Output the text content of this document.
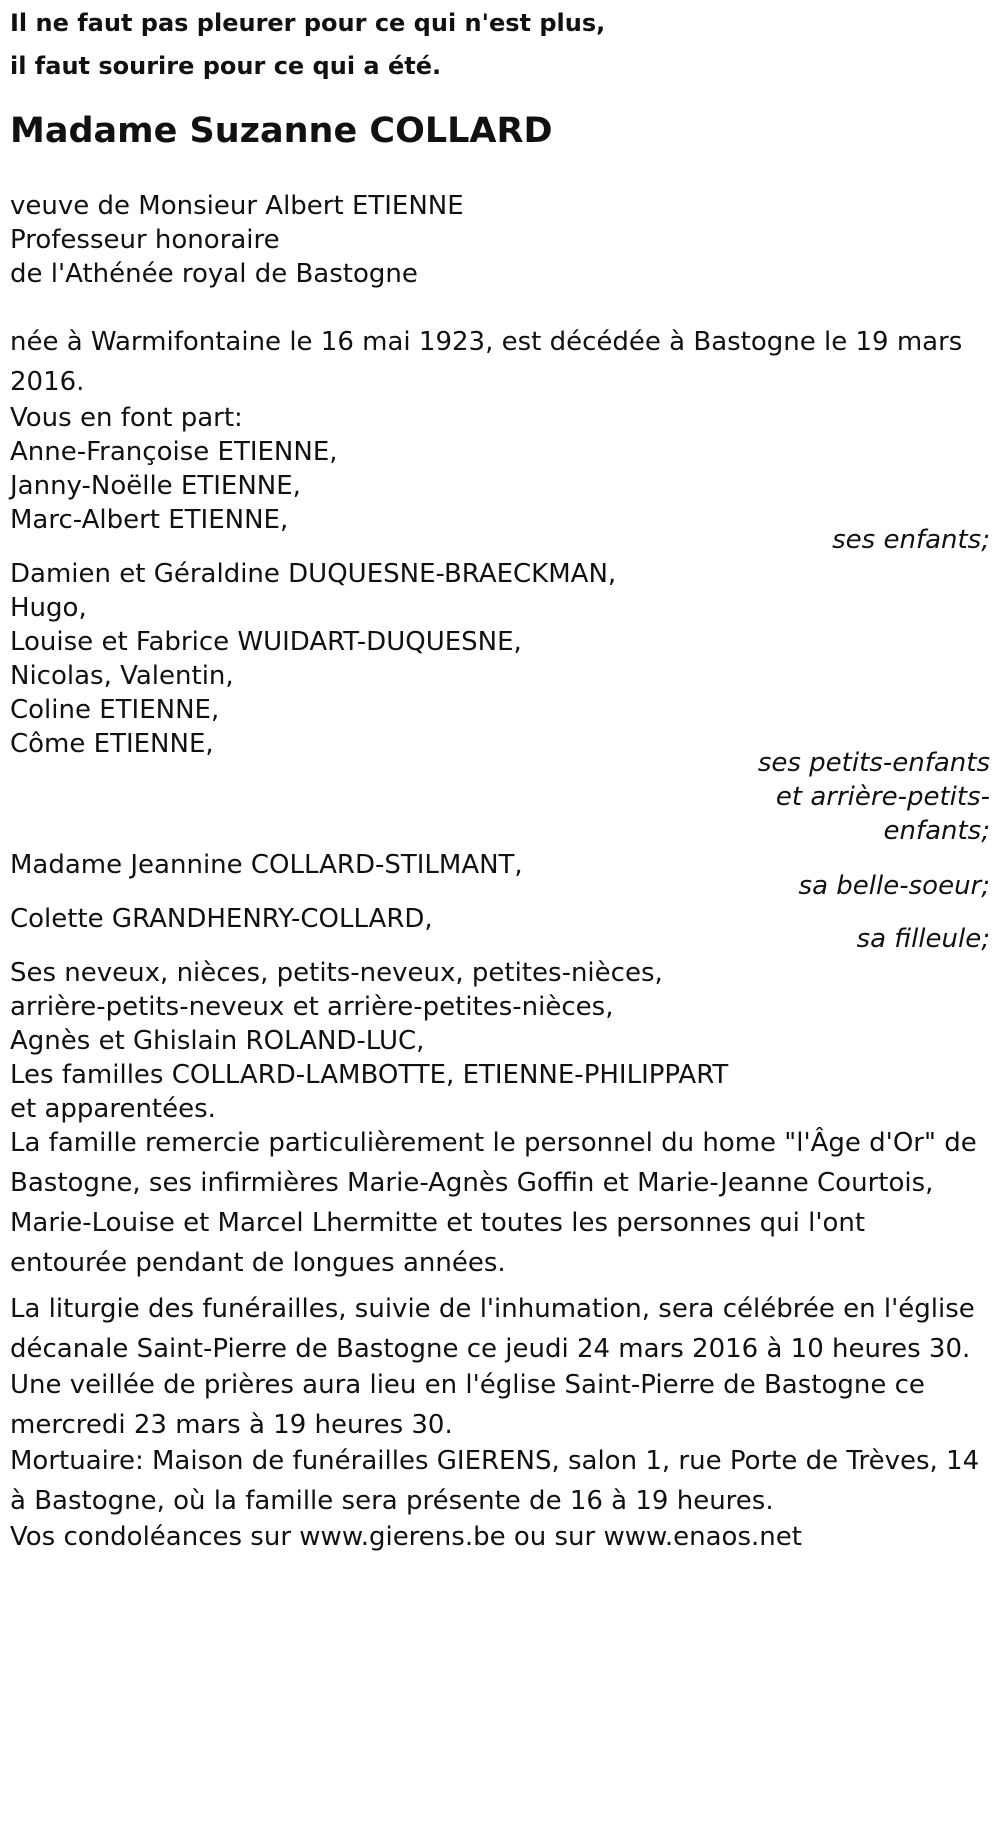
Il ne faut pas pleurer pour ce qui n'est plus,

il faut sourire pour ce qui a été.

Madame Suzanne COLLARD

veuve de Monsieur Albert ETIENNE

Professeur honoraire

de l'Athénée royal de Bastogne

née à Warmifontaine le 16 mai 1923, est décédée à Bastogne le 19 mars 2016.

Vous en font part:

Anne-Françoise ETIENNE,

Janny-Noëlle ETIENNE,

Marc-Albert ETIENNE,

ses enfants;

Damien et Géraldine DUQUESNE-BRAECKMAN,

Hugo,

Louise et Fabrice WUIDART-DUQUESNE,

Nicolas, Valentin,

Coline ETIENNE,

Côme ETIENNE,

ses petits-enfants

et arrière-petits-

enfants;

Madame Jeannine COLLARD-STILMANT,

sa belle-soeur;

Colette GRANDHENRY-COLLARD,

sa filleule;

Ses neveux, nièces, petits-neveux, petites-nièces,

arrière-petits-neveux et arrière-petites-nièces,

Agnès et Ghislain ROLAND-LUC,

Les familles COLLARD-LAMBOTTE, ETIENNE-PHILIPPART

et apparentées.

La famille remercie particulièrement le personnel du home "l'Âge d'Or" de Bastogne, ses infirmières Marie-Agnès Goffin et Marie-Jeanne Courtois, Marie-Louise et Marcel Lhermitte et toutes les personnes qui l'ont entourée pendant de longues années.

La liturgie des funérailles, suivie de l'inhumation, sera célébrée en l'église décanale Saint-Pierre de Bastogne ce jeudi 24 mars 2016 à 10 heures 30.

Une veillée de prières aura lieu en l'église Saint-Pierre de Bastogne ce mercredi 23 mars à 19 heures 30.

Mortuaire: Maison de funérailles GIERENS, salon 1, rue Porte de Trèves, 14 à Bastogne, où la famille sera présente de 16 à 19 heures.

Vos condoléances sur www.gierens.be ou sur www.enaos.net
